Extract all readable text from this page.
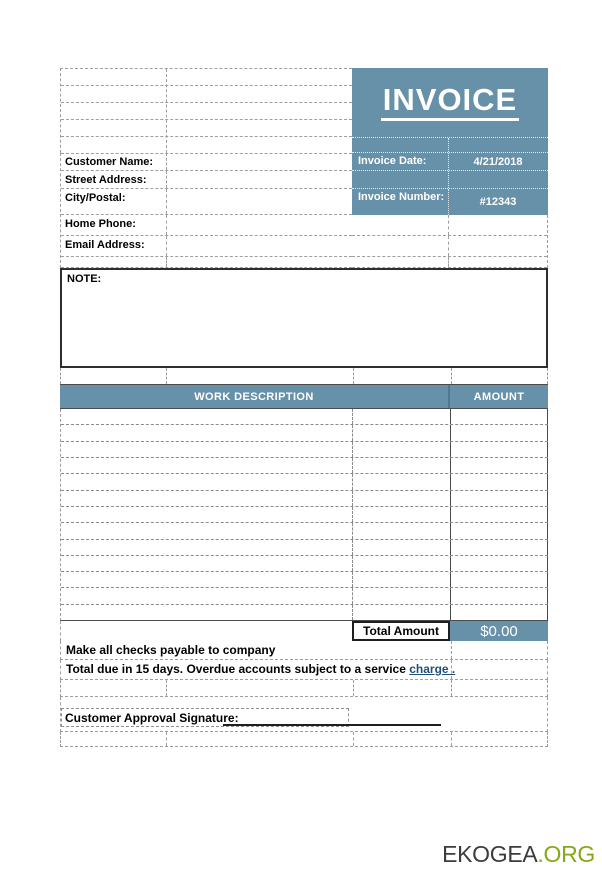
Customer Name:
Street Address:
City/Postal:
Home Phone:
Email Address:
INVOICE
Invoice Date:	4/21/2018
Invoice Number:	#12343
NOTE:
WORK DESCRIPTION	AMOUNT
Total Amount	$0.00
Make all checks payable to company
Total due in 15 days. Overdue accounts subject to a service charge .
Customer Approval Signature:
EKOGEA.ORG
